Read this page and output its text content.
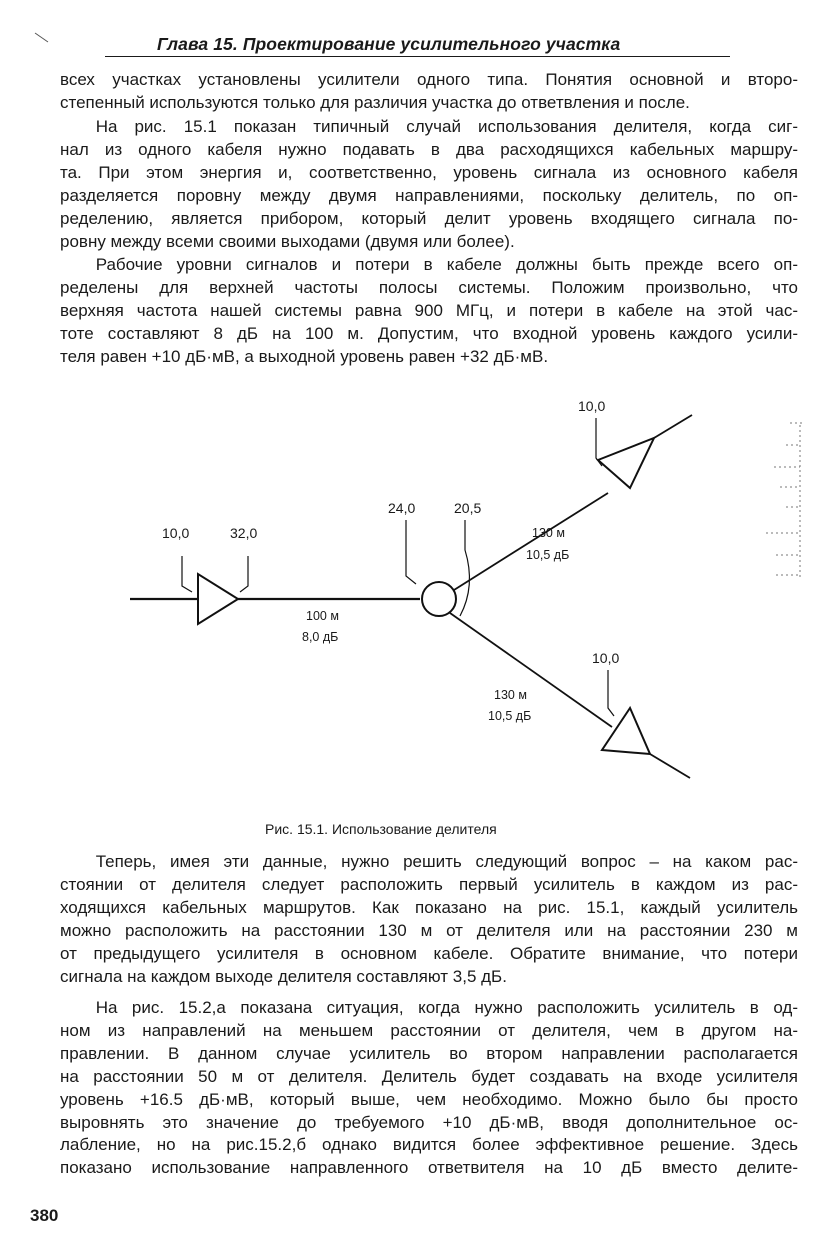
Глава 15. Проектирование усилительного участка
всех участках установлены усилители одного типа. Понятия основной и второ-
степенный используются только для различия участка до ответвления и после.
На рис. 15.1 показан типичный случай использования делителя, когда сиг-
нал из одного кабеля нужно подавать в два расходящихся кабельных маршру-
та. При этом энергия и, соответственно, уровень сигнала из основного кабеля
разделяется поровну между двумя направлениями, поскольку делитель, по оп-
ределению, является прибором, который делит уровень входящего сигнала по-
ровну между всеми своими выходами (двумя или более).
Рабочие уровни сигналов и потери в кабеле должны быть прежде всего оп-
ределены для верхней частоты полосы системы. Положим произвольно, что
верхняя частота нашей системы равна 900 МГц, и потери в кабеле на этой час-
тоте составляют 8 дБ на 100 м. Допустим, что входной уровень каждого усили-
теля равен +10 дБ·мВ, а выходной уровень равен +32 дБ·мВ.
10,0	32,0
24,0	20,5
10,0
10,0
100 м
8,0 дБ
130 м
10,5 дБ
130 м
10,5 дБ
Рис. 15.1. Использование делителя
Теперь, имея эти данные, нужно решить следующий вопрос – на каком рас-
стоянии от делителя следует расположить первый усилитель в каждом из рас-
ходящихся кабельных маршрутов. Как показано на рис. 15.1, каждый усилитель
можно расположить на расстоянии 130 м от делителя или на расстоянии 230 м
от предыдущего усилителя в основном кабеле. Обратите внимание, что потери
сигнала на каждом выходе делителя составляют 3,5 дБ.
На рис. 15.2,а показана ситуация, когда нужно расположить усилитель в од-
ном из направлений на меньшем расстоянии от делителя, чем в другом на-
правлении. В данном случае усилитель во втором направлении располагается
на расстоянии 50 м от делителя. Делитель будет создавать на входе усилителя
уровень +16.5 дБ·мВ, который выше, чем необходимо. Можно было бы просто
выровнять это значение до требуемого +10 дБ·мВ, вводя дополнительное ос-
лабление, но на рис.15.2,б однако видится более эффективное решение. Здесь
показано использование направленного ответвителя на 10 дБ вместо делите-
380
